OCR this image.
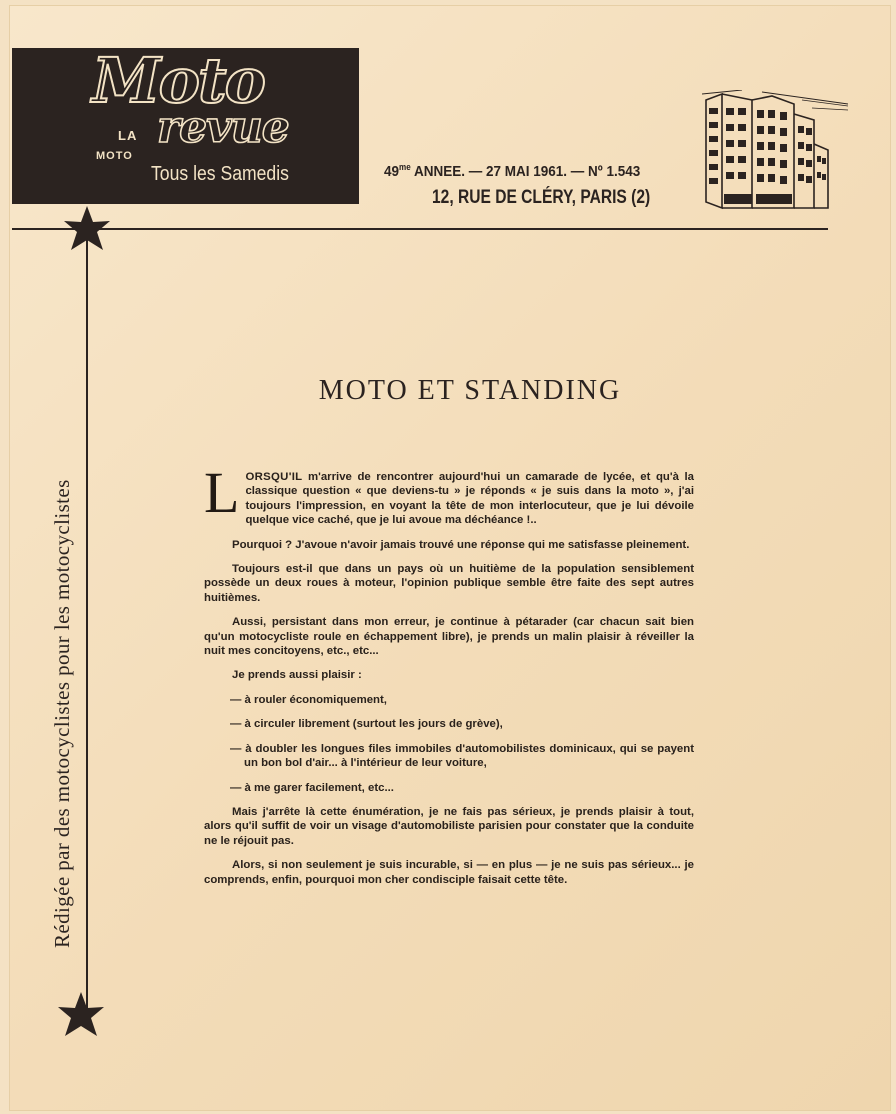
Moto
LA
MOTO
revue
Tous les Samedis	$49^{me}$ ANNEE. — 27 MAI 1961. — Nº 1.543
12, RUE DE CLÉRY, PARIS (2)
Rédigée par des motocyclistes pour les motocyclistes
MOTO ET STANDING

LORSQU'IL m'arrive de rencontrer aujourd'hui un camarade de lycée, et qu'à la classique question « que deviens-tu » je réponds « je suis dans la moto », j'ai toujours l'impression, en voyant la tête de mon interlocuteur, que je lui dévoile quelque vice caché, que je lui avoue ma déchéance !..

Pourquoi ? J'avoue n'avoir jamais trouvé une réponse qui me satisfasse pleinement.

Toujours est-il que dans un pays où un huitième de la population sensiblement possède un deux roues à moteur, l'opinion publique semble être faite des sept autres huitièmes.

Aussi, persistant dans mon erreur, je continue à pétarader (car chacun sait bien qu'un motocycliste roule en échappement libre), je prends un malin plaisir à réveiller la nuit mes concitoyens, etc., etc...

Je prends aussi plaisir :

— à rouler économiquement,

— à circuler librement (surtout les jours de grève),

— à doubler les longues files immobiles d'automobilistes dominicaux, qui se payent un bon bol d'air... à l'intérieur de leur voiture,

— à me garer facilement, etc...

Mais j'arrête là cette énumération, je ne fais pas sérieux, je prends plaisir à tout, alors qu'il suffit de voir un visage d'automobiliste parisien pour constater que la conduite ne le réjouit pas.

Alors, si non seulement je suis incurable, si — en plus — je ne suis pas sérieux... je comprends, enfin, pourquoi mon cher condisciple faisait cette tête.
